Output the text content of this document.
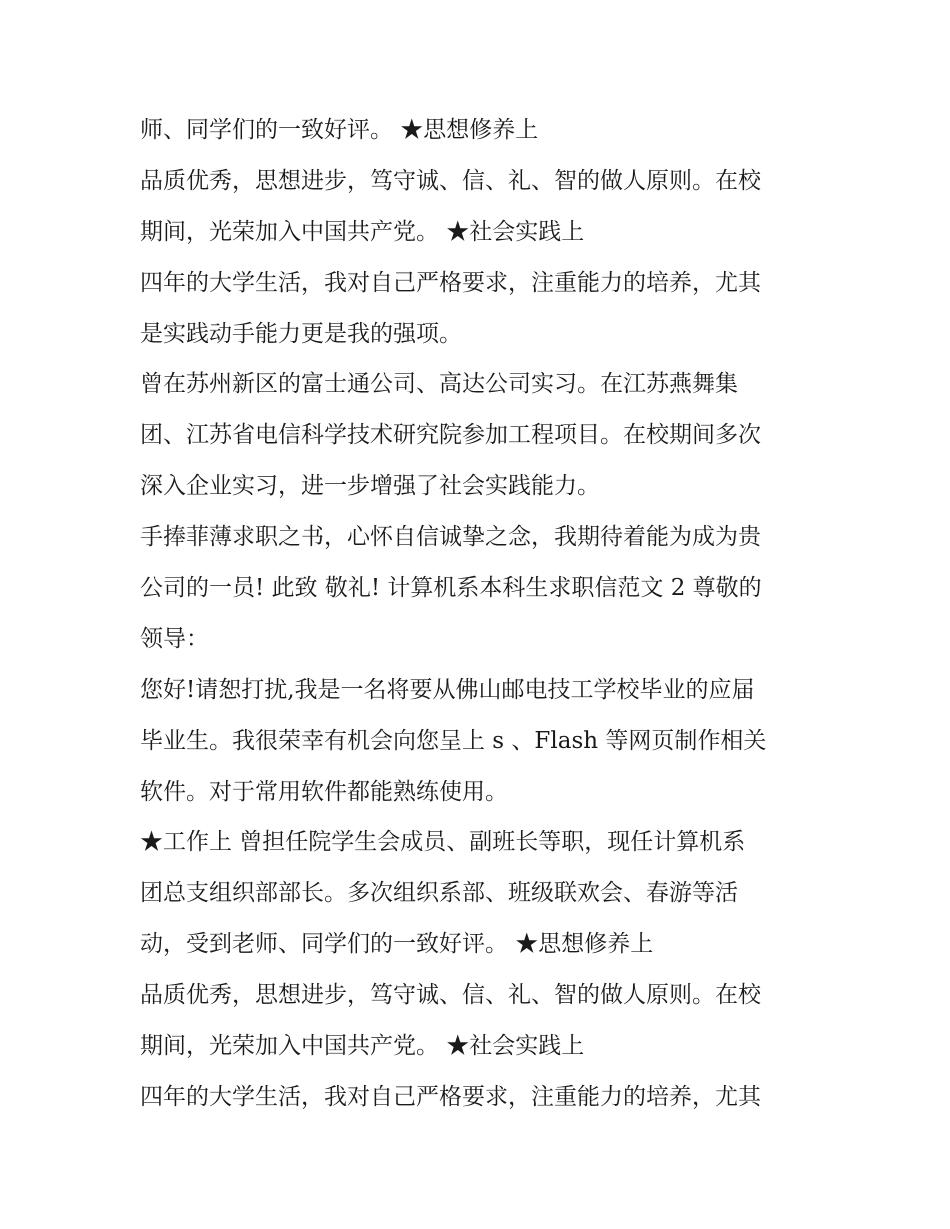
师、同学们的一致好评。 ★思想修养上
品质优秀，思想进步，笃守诚、信、礼、智的做人原则。在校
期间，光荣加入中国共产党。 ★社会实践上
四年的大学生活，我对自己严格要求，注重能力的培养，尤其
是实践动手能力更是我的强项。
曾在苏州新区的富士通公司、高达公司实习。在江苏燕舞集
团、江苏省电信科学技术研究院参加工程项目。在校期间多次
深入企业实习，进一步增强了社会实践能力。
手捧菲薄求职之书，心怀自信诚挚之念，我期待着能为成为贵
公司的一员! 此致 敬礼! 计算机系本科生求职信范文 2 尊敬的
领导：
您好!请恕打扰,我是一名将要从佛山邮电技工学校毕业的应届
毕业生。我很荣幸有机会向您呈上 s 、Flash 等网页制作相关
软件。对于常用软件都能熟练使用。
★工作上 曾担任院学生会成员、副班长等职，现任计算机系
团总支组织部部长。多次组织系部、班级联欢会、春游等活
动，受到老师、同学们的一致好评。 ★思想修养上
品质优秀，思想进步，笃守诚、信、礼、智的做人原则。在校
期间，光荣加入中国共产党。 ★社会实践上
四年的大学生活，我对自己严格要求，注重能力的培养，尤其
